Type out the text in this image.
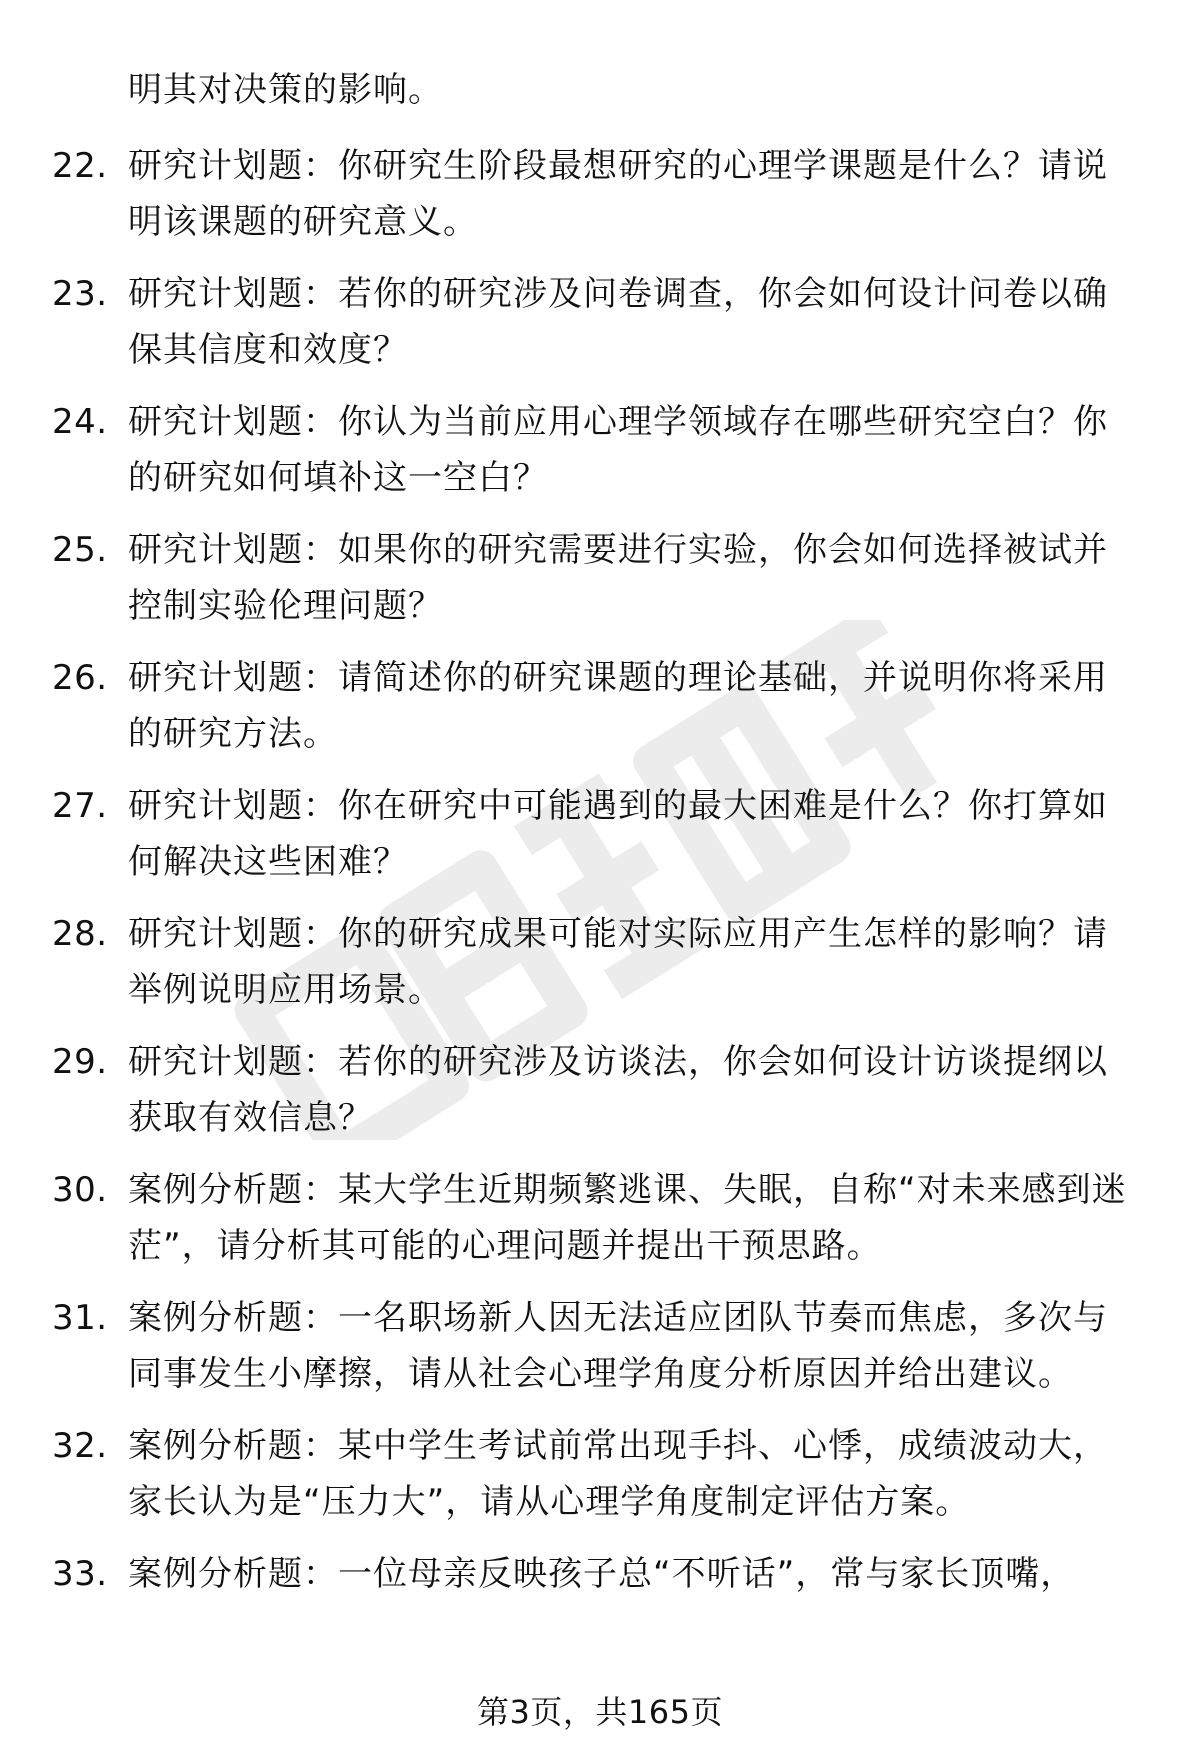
明其对决策的影响。
22. 研究计划题：你研究生阶段最想研究的心理学课题是什么？请说明该课题的研究意义。
23. 研究计划题：若你的研究涉及问卷调查，你会如何设计问卷以确保其信度和效度？
24. 研究计划题：你认为当前应用心理学领域存在哪些研究空白？你的研究如何填补这一空白？
25. 研究计划题：如果你的研究需要进行实验，你会如何选择被试并控制实验伦理问题？
26. 研究计划题：请简述你的研究课题的理论基础，并说明你将采用的研究方法。
27. 研究计划题：你在研究中可能遇到的最大困难是什么？你打算如何解决这些困难？
28. 研究计划题：你的研究成果可能对实际应用产生怎样的影响？请举例说明应用场景。
29. 研究计划题：若你的研究涉及访谈法，你会如何设计访谈提纲以获取有效信息？
30. 案例分析题：某大学生近期频繁逃课、失眠，自称“对未来感到迷茫”，请分析其可能的心理问题并提出干预思路。
31. 案例分析题：一名职场新人因无法适应团队节奏而焦虑，多次与同事发生小摩擦，请从社会心理学角度分析原因并给出建议。
32. 案例分析题：某中学生考试前常出现手抖、心悸，成绩波动大，家长认为是“压力大”，请从心理学角度制定评估方案。
33. 案例分析题：一位母亲反映孩子总“不听话”，常与家长顶嘴，
第3页，共165页
